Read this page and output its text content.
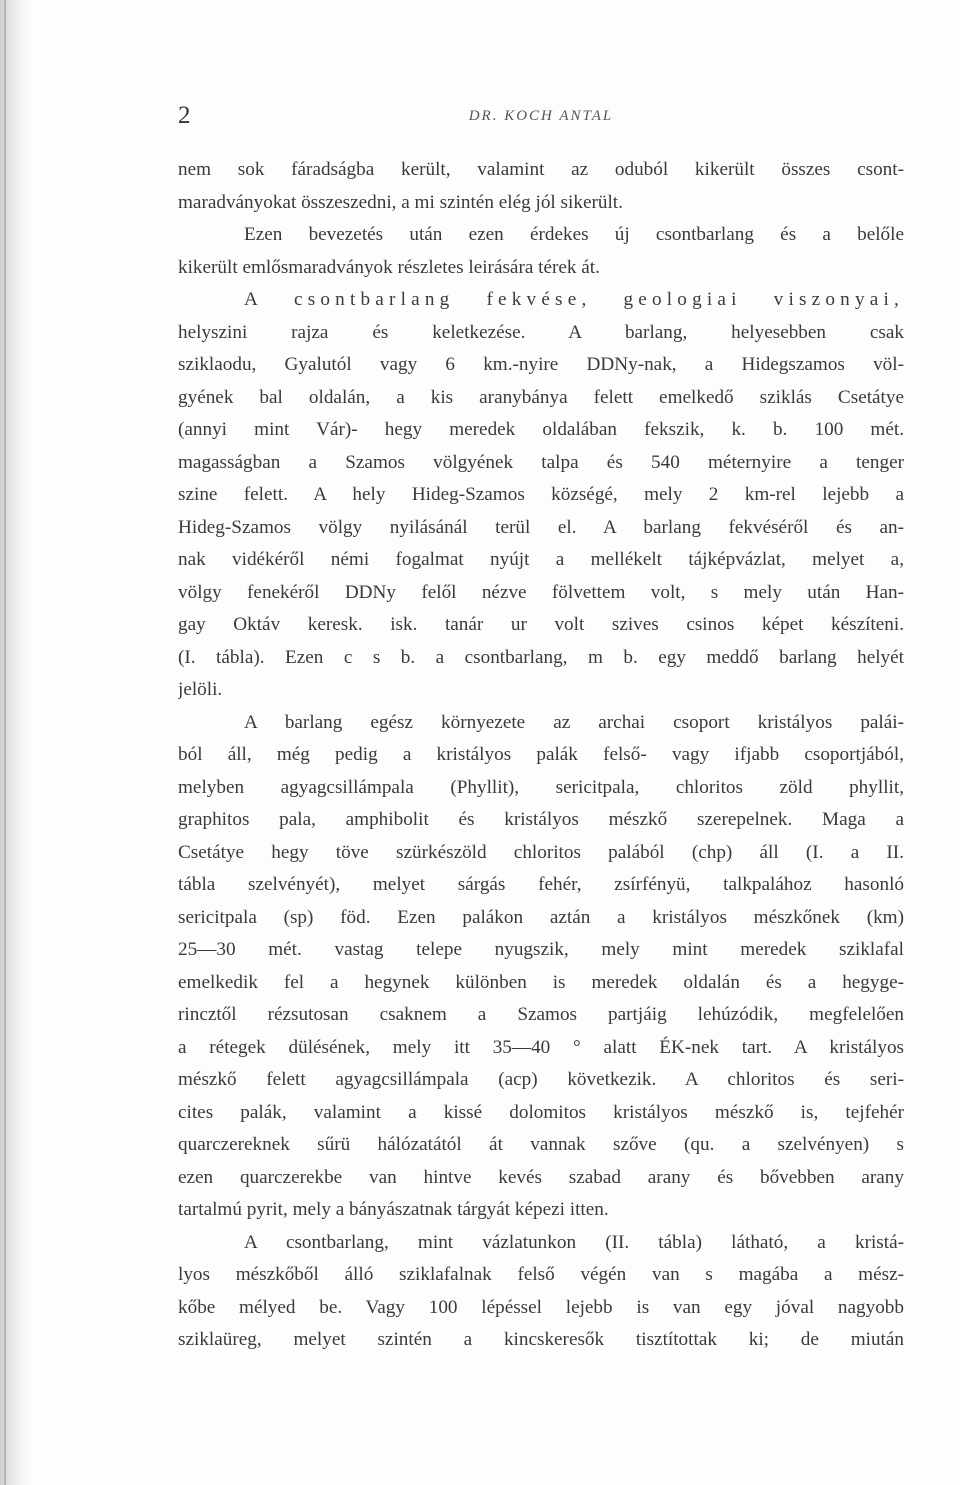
2	DR. KOCH ANTAL
nem sok fáradságba került, valamint az oduból kikerült összes csont-
maradványokat összeszedni, a mi szintén elég jól sikerült.
Ezen bevezetés után ezen érdekes új csontbarlang és a belőle
kikerült emlősmaradványok részletes leirására térek át.
A csontbarlang fekvése, geologiai viszonyai,
helyszini rajza és keletkezése. A barlang, helyesebben csak
sziklaodu, Gyalutól vagy 6 km.-nyire DDNy-nak, a Hidegszamos völ-
gyének bal oldalán, a kis aranybánya felett emelkedő sziklás Csetátye
(annyi mint Vár)- hegy meredek oldalában fekszik, k. b. 100 mét.
magasságban a Szamos völgyének talpa és 540 méternyire a tenger
szine felett. A hely Hideg-Szamos községé, mely 2 km-rel lejebb a
Hideg-Szamos völgy nyilásánál terül el. A barlang fekvéséről és an-
nak vidékéről némi fogalmat nyújt a mellékelt tájképvázlat, melyet a,
völgy fenekéről DDNy felől nézve fölvettem volt, s mely után Han-
gay Oktáv keresk. isk. tanár ur volt szives csinos képet készíteni.
(I. tábla). Ezen c s b. a csontbarlang, m b. egy meddő barlang helyét
jelöli.
A barlang egész környezete az archai csoport kristályos palái-
ból áll, még pedig a kristályos palák felső- vagy ifjabb csoportjából,
melyben agyagcsillámpala (Phyllit), sericitpala, chloritos zöld phyllit,
graphitos pala, amphibolit és kristályos mészkő szerepelnek. Maga a
Csetátye hegy töve szürkészöld chloritos palából (chp) áll (I. a II.
tábla szelvényét), melyet sárgás fehér, zsírfényü, talkpalához hasonló
sericitpala (sp) föd. Ezen palákon aztán a kristályos mészkőnek (km)
25—30 mét. vastag telepe nyugszik, mely mint meredek sziklafal
emelkedik fel a hegynek különben is meredek oldalán és a hegyge-
rincztől rézsutosan csaknem a Szamos partjáig lehúzódik, megfelelően
a rétegek dülésének, mely itt 35—40 ° alatt ÉK-nek tart. A kristályos
mészkő felett agyagcsillámpala (acp) következik. A chloritos és seri-
cites palák, valamint a kissé dolomitos kristályos mészkő is, tejfehér
quarczereknek sűrü hálózatától át vannak szőve (qu. a szelvényen) s
ezen quarczerekbe van hintve kevés szabad arany és bővebben arany
tartalmú pyrit, mely a bányászatnak tárgyát képezi itten.
A csontbarlang, mint vázlatunkon (II. tábla) látható, a kristá-
lyos mészkőből álló sziklafalnak felső végén van s magába a mész-
kőbe mélyed be. Vagy 100 lépéssel lejebb is van egy jóval nagyobb
sziklaüreg, melyet szintén a kincskeresők tisztítottak ki; de miután
